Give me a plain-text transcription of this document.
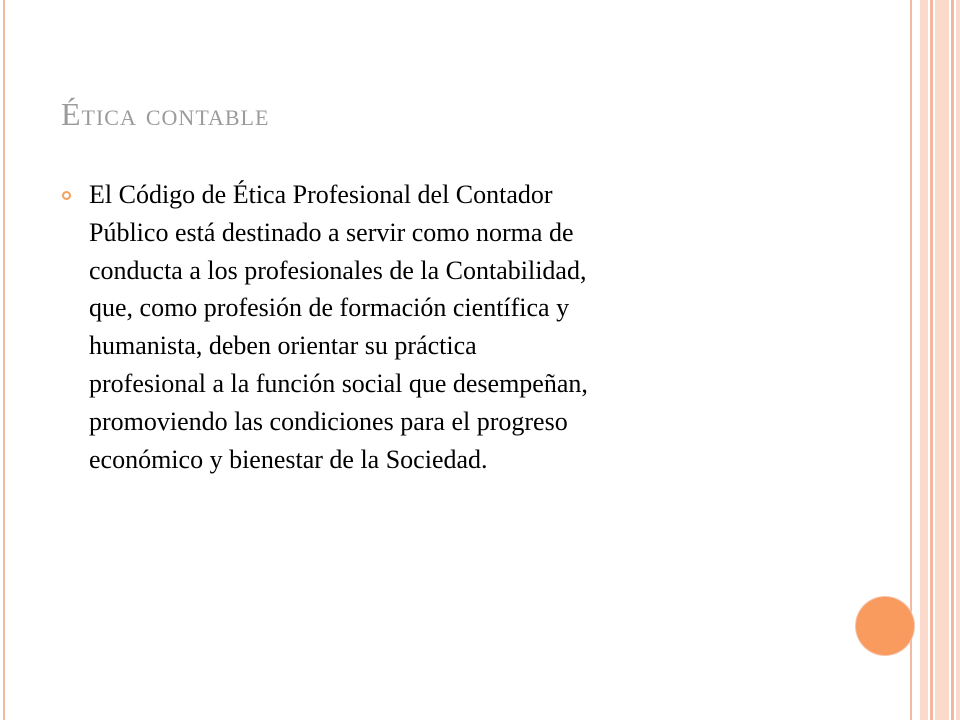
Ética contable
El Código de Ética Profesional del Contador
Público está destinado a servir como norma de
conducta a los profesionales de la Contabilidad,
que, como profesión de formación científica y
humanista, deben orientar su práctica
profesional a la función social que desempeñan,
promoviendo las condiciones para el progreso
económico y bienestar de la Sociedad.
